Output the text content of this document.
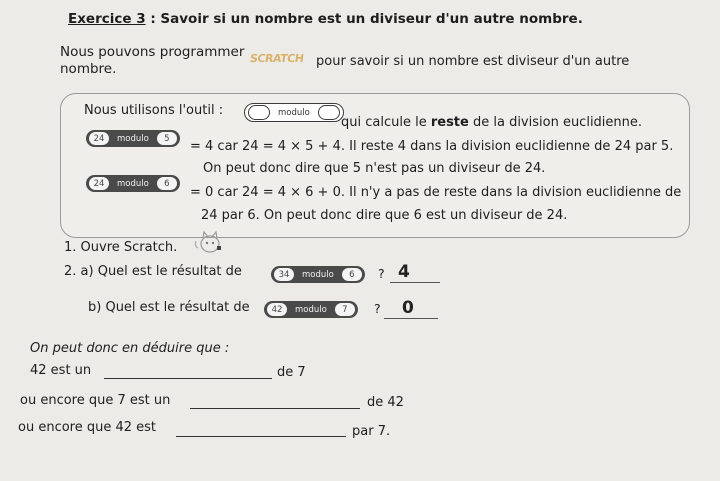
Exercice 3 : Savoir si un nombre est un diviseur d'un autre nombre.
Nous pouvons programmer SCRATCH pour savoir si un nombre est diviseur d'un autre
nombre.
Nous utilisons l'outil :	modulo
qui calcule le reste de la division euclidienne.
24	modulo	5
= 4 car 24 = 4 × 5 + 4. Il reste 4 dans la division euclidienne de 24 par 5.
On peut donc dire que 5 n'est pas un diviseur de 24.
24	modulo	6
= 0 car 24 = 4 × 6 + 0. Il n'y a pas de reste dans la division euclidienne de
24 par 6. On peut donc dire que 6 est un diviseur de 24.
1. Ouvre Scratch.
2. a) Quel est le résultat de	34	modulo	6	? 4
b) Quel est le résultat de	42	modulo	7	? 0
On peut donc en déduire que :
42 est un	de 7
ou encore que 7 est un	de 42
ou encore que 42 est	par 7.
